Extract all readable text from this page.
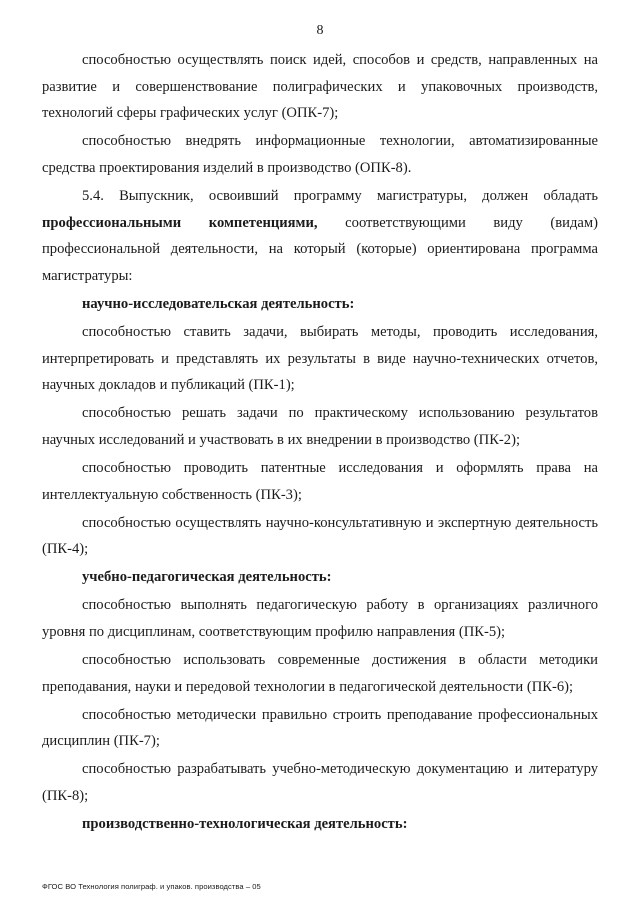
8

способностью осуществлять поиск идей, способов и средств, направленных на развитие и совершенствование полиграфических и упаковочных производств, технологий сферы графических услуг (ОПК-7);

способностью внедрять информационные технологии, автоматизированные средства проектирования изделий в производство (ОПК-8).

5.4. Выпускник, освоивший программу магистратуры, должен обладать профессиональными компетенциями, соответствующими виду (видам) профессиональной деятельности, на который (которые) ориентирована программа магистратуры:

научно-исследовательская деятельность:

способностью ставить задачи, выбирать методы, проводить исследования, интерпретировать и представлять их результаты в виде научно-технических отчетов, научных докладов и публикаций (ПК-1);

способностью решать задачи по практическому использованию результатов научных исследований и участвовать в их внедрении в производство (ПК-2);

способностью проводить патентные исследования и оформлять права на интеллектуальную собственность (ПК-3);

способностью осуществлять научно-консультативную и экспертную деятельность (ПК-4);

учебно-педагогическая деятельность:

способностью выполнять педагогическую работу в организациях различного уровня по дисциплинам, соответствующим профилю направления (ПК-5);

способностью использовать современные достижения в области методики преподавания, науки и передовой технологии в педагогической деятельности (ПК-6);

способностью методически правильно строить преподавание профессиональных дисциплин (ПК-7);

способностью разрабатывать учебно-методическую документацию и литературу (ПК-8);

производственно-технологическая деятельность:

ФГОС ВО Технология полиграф. и упаков. производства – 05
